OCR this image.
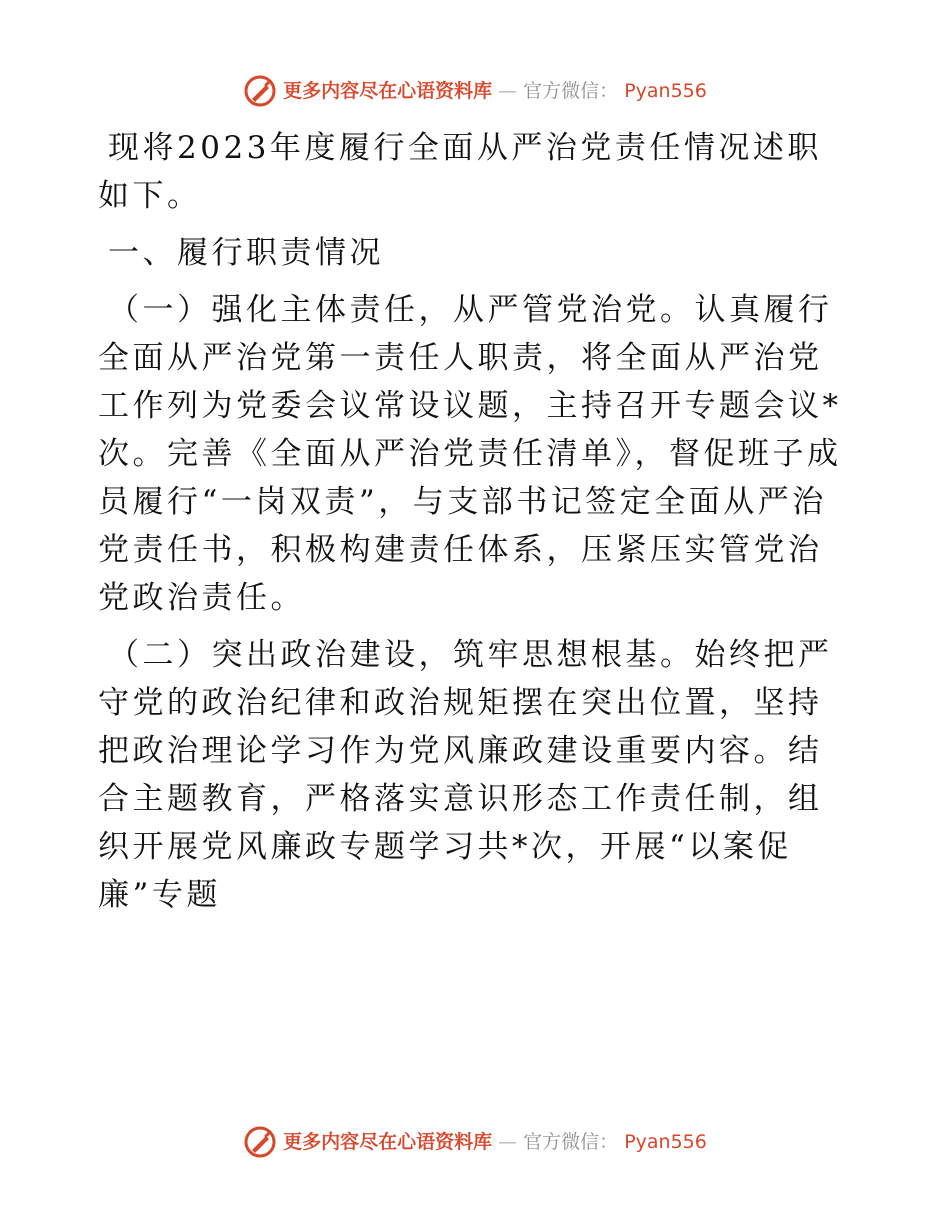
更多内容尽在心语资料库 — 官方微信： Pyan556

现将2023年度履行全面从严治党责任情况述职如下。

一、履行职责情况

（一）强化主体责任，从严管党治党。认真履行全面从严治党第一责任人职责，将全面从严治党工作列为党委会议常设议题，主持召开专题会议*次。完善《全面从严治党责任清单》，督促班子成员履行“一岗双责”，与支部书记签定全面从严治党责任书，积极构建责任体系，压紧压实管党治党政治责任。

（二）突出政治建设，筑牢思想根基。始终把严守党的政治纪律和政治规矩摆在突出位置，坚持把政治理论学习作为党风廉政建设重要内容。结合主题教育，严格落实意识形态工作责任制，组织开展党风廉政专题学习共*次，开展“以案促廉”专题

更多内容尽在心语资料库 — 官方微信： Pyan556
